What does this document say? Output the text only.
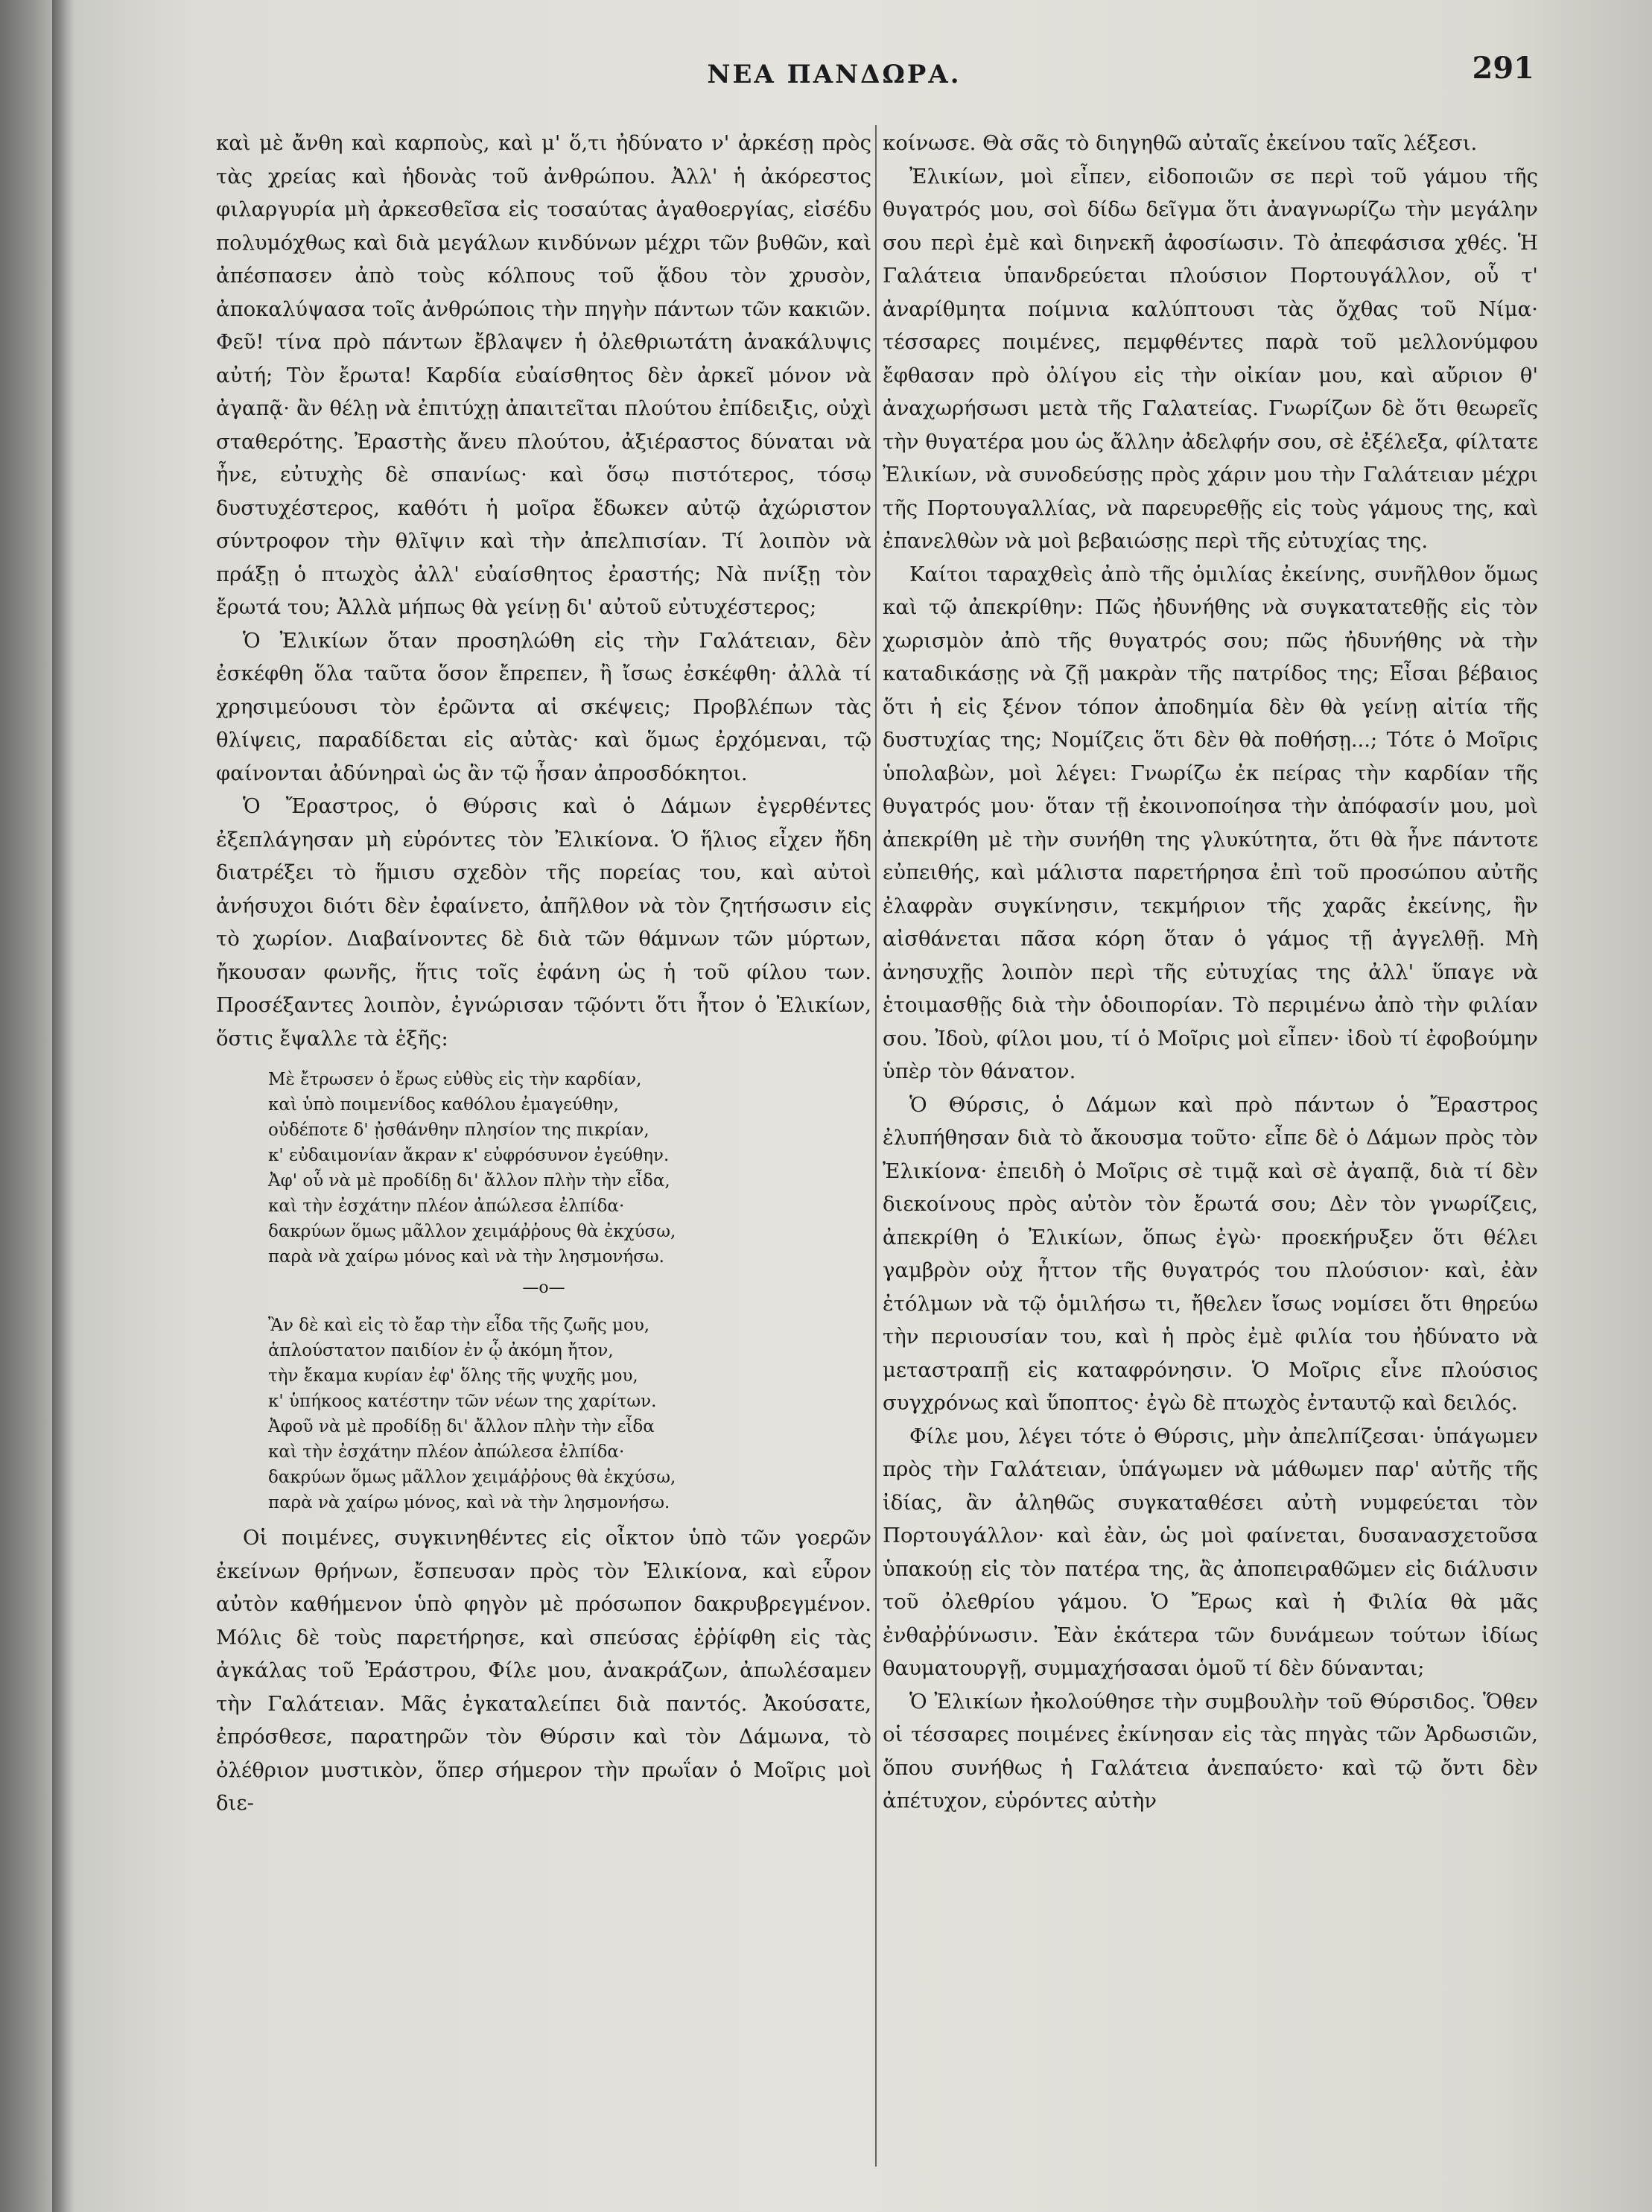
ΝΕΑ ΠΑΝΔΩΡΑ.	291

καὶ μὲ ἄνθη καὶ καρποὺς, καὶ μ' ὅ,τι ἠδύνατο ν' ἀρκέσῃ πρὸς τὰς χρείας καὶ ἡδονὰς τοῦ ἀνθρώπου. Ἀλλ' ἡ ἀκόρεστος φιλαργυρία μὴ ἀρκεσθεῖσα εἰς τοσαύτας ἀγαθοεργίας, εἰσέδυ πολυμόχθως καὶ διὰ μεγάλων κινδύνων μέχρι τῶν βυθῶν, καὶ ἀπέσπασεν ἀπὸ τοὺς κόλπους τοῦ ᾅδου τὸν χρυσὸν, ἀποκαλύψασα τοῖς ἀνθρώποις τὴν πηγὴν πάντων τῶν κακιῶν. Φεῦ! τίνα πρὸ πάντων ἔβλαψεν ἡ ὀλεθριωτάτη ἀνακάλυψις αὐτή; Τὸν ἔρωτα! Καρδία εὐαίσθητος δὲν ἀρκεῖ μόνον νὰ ἀγαπᾷ· ἂν θέλῃ νὰ ἐπιτύχῃ ἀπαιτεῖται πλούτου ἐπίδειξις, οὐχὶ σταθερότης. Ἐραστὴς ἄνευ πλούτου, ἀξιέραστος δύναται νὰ ἦνε, εὐτυχὴς δὲ σπανίως· καὶ ὅσῳ πιστότερος, τόσῳ δυστυχέστερος, καθότι ἡ μοῖρα ἔδωκεν αὐτῷ ἀχώριστον σύντροφον τὴν θλῖψιν καὶ τὴν ἀπελπισίαν. Τί λοιπὸν νὰ πράξῃ ὁ πτωχὸς ἀλλ' εὐαίσθητος ἐραστής; Νὰ πνίξῃ τὸν ἔρωτά του; Ἀλλὰ μήπως θὰ γείνῃ δι' αὐτοῦ εὐτυχέστερος;

Ὁ Ἐλικίων ὅταν προσηλώθη εἰς τὴν Γαλάτειαν, δὲν ἐσκέφθη ὅλα ταῦτα ὅσον ἔπρεπεν, ἢ ἴσως ἐσκέφθη· ἀλλὰ τί χρησιμεύουσι τὸν ἐρῶντα αἱ σκέψεις; Προβλέπων τὰς θλίψεις, παραδίδεται εἰς αὐτὰς· καὶ ὅμως ἐρχόμεναι, τῷ φαίνονται ἀδύνηραὶ ὡς ἂν τῷ ἦσαν ἀπροσδόκητοι.

Ὁ Ἔραστρος, ὁ Θύρσις καὶ ὁ Δάμων ἐγερθέντες ἐξεπλάγησαν μὴ εὑρόντες τὸν Ἐλικίονα. Ὁ ἥλιος εἶχεν ἤδη διατρέξει τὸ ἥμισυ σχεδὸν τῆς πορείας του, καὶ αὐτοὶ ἀνήσυχοι διότι δὲν ἐφαίνετο, ἀπῆλθον νὰ τὸν ζητήσωσιν εἰς τὸ χωρίον. Διαβαίνοντες δὲ διὰ τῶν θάμνων τῶν μύρτων, ἤκουσαν φωνῆς, ἥτις τοῖς ἐφάνη ὡς ἡ τοῦ φίλου των. Προσέξαντες λοιπὸν, ἐγνώρισαν τῷόντι ὅτι ἦτον ὁ Ἐλικίων, ὅστις ἔψαλλε τὰ ἑξῆς:

Μὲ ἔτρωσεν ὁ ἔρως εὐθὺς εἰς τὴν καρδίαν,
καὶ ὑπὸ ποιμενίδος καθόλου ἐμαγεύθην,
οὐδέποτε δ' ᾐσθάνθην πλησίον της πικρίαν,
κ' εὐδαιμονίαν ἄκραν κ' εὐφρόσυνον ἐγεύθην.
Ἀφ' οὗ νὰ μὲ προδίδῃ δι' ἄλλον πλὴν τὴν εἶδα,
καὶ τὴν ἐσχάτην πλέον ἀπώλεσα ἐλπίδα·
δακρύων ὅμως μᾶλλον χειμάῤῥους θὰ ἐκχύσω,
παρὰ νὰ χαίρω μόνος καὶ νὰ τὴν λησμονήσω.
—o—
Ἂν δὲ καὶ εἰς τὸ ἔαρ τὴν εἶδα τῆς ζωῆς μου,
ἁπλούστατον παιδίον ἐν ᾧ ἀκόμη ἤτον,
τὴν ἔκαμα κυρίαν ἐφ' ὅλης τῆς ψυχῆς μου,
κ' ὑπήκοος κατέστην τῶν νέων της χαρίτων.
Ἀφοῦ νὰ μὲ προδίδῃ δι' ἄλλον πλὴν τὴν εἶδα
καὶ τὴν ἐσχάτην πλέον ἀπώλεσα ἐλπίδα·
δακρύων ὅμως μᾶλλον χειμάῤῥους θὰ ἐκχύσω,
παρὰ νὰ χαίρω μόνος, καὶ νὰ τὴν λησμονήσω.

Οἱ ποιμένες, συγκινηθέντες εἰς οἶκτον ὑπὸ τῶν γοερῶν ἐκείνων θρήνων, ἔσπευσαν πρὸς τὸν Ἐλικίονα, καὶ εὗρον αὐτὸν καθήμενον ὑπὸ φηγὸν μὲ πρόσωπον δακρυβρεγμένον. Μόλις δὲ τοὺς παρετήρησε, καὶ σπεύσας ἐῤῥίφθη εἰς τὰς ἀγκάλας τοῦ Ἐράστρου, Φίλε μου, ἀνακράζων, ἀπωλέσαμεν τὴν Γαλάτειαν. Μᾶς ἐγκαταλείπει διὰ παντός. Ἀκούσατε, ἐπρόσθεσε, παρατηρῶν τὸν Θύρσιν καὶ τὸν Δάμωνα, τὸ ὀλέθριον μυστικὸν, ὅπερ σήμερον τὴν πρωΐαν ὁ Μοῖρις μοὶ διε-

κοίνωσε. Θὰ σᾶς τὸ διηγηθῶ αὐταῖς ἐκείνου ταῖς λέξεσι.

Ἐλικίων, μοὶ εἶπεν, εἰδοποιῶν σε περὶ τοῦ γάμου τῆς θυγατρός μου, σοὶ δίδω δεῖγμα ὅτι ἀναγνωρίζω τὴν μεγάλην σου περὶ ἐμὲ καὶ διηνεκῆ ἀφοσίωσιν. Τὸ ἀπεφάσισα χθές. Ἡ Γαλάτεια ὑπανδρεύεται πλούσιον Πορτουγάλλον, οὗ τ' ἀναρίθμητα ποίμνια καλύπτουσι τὰς ὄχθας τοῦ Νίμα· τέσσαρες ποιμένες, πεμφθέντες παρὰ τοῦ μελλονύμφου ἔφθασαν πρὸ ὀλίγου εἰς τὴν οἰκίαν μου, καὶ αὔριον θ' ἀναχωρήσωσι μετὰ τῆς Γαλατείας. Γνωρίζων δὲ ὅτι θεωρεῖς τὴν θυγατέρα μου ὡς ἄλλην ἀδελφήν σου, σὲ ἐξέλεξα, φίλτατε Ἐλικίων, νὰ συνοδεύσῃς πρὸς χάριν μου τὴν Γαλάτειαν μέχρι τῆς Πορτουγαλλίας, νὰ παρευρεθῇς εἰς τοὺς γάμους της, καὶ ἐπανελθὼν νὰ μοὶ βεβαιώσῃς περὶ τῆς εὐτυχίας της.

Καίτοι ταραχθεὶς ἀπὸ τῆς ὁμιλίας ἐκείνης, συνῆλθον ὅμως καὶ τῷ ἀπεκρίθην: Πῶς ἠδυνήθης νὰ συγκατατεθῇς εἰς τὸν χωρισμὸν ἀπὸ τῆς θυγατρός σου; πῶς ἠδυνήθης νὰ τὴν καταδικάσῃς νὰ ζῇ μακρὰν τῆς πατρίδος της; Εἶσαι βέβαιος ὅτι ἡ εἰς ξένον τόπον ἀποδημία δὲν θὰ γείνῃ αἰτία τῆς δυστυχίας της; Νομίζεις ὅτι δὲν θὰ ποθήσῃ...; Τότε ὁ Μοῖρις ὑπολαβὼν, μοὶ λέγει: Γνωρίζω ἐκ πείρας τὴν καρδίαν τῆς θυγατρός μου· ὅταν τῇ ἐκοινοποίησα τὴν ἀπόφασίν μου, μοὶ ἀπεκρίθη μὲ τὴν συνήθη της γλυκύτητα, ὅτι θὰ ἦνε πάντοτε εὐπειθής, καὶ μάλιστα παρετήρησα ἐπὶ τοῦ προσώπου αὐτῆς ἐλαφρὰν συγκίνησιν, τεκμήριον τῆς χαρᾶς ἐκείνης, ἣν αἰσθάνεται πᾶσα κόρη ὅταν ὁ γάμος τῇ ἀγγελθῇ. Μὴ ἀνησυχῇς λοιπὸν περὶ τῆς εὐτυχίας της ἀλλ' ὕπαγε νὰ ἑτοιμασθῇς διὰ τὴν ὁδοιπορίαν. Τὸ περιμένω ἀπὸ τὴν φιλίαν σου. Ἰδοὺ, φίλοι μου, τί ὁ Μοῖρις μοὶ εἶπεν· ἰδοὺ τί ἐφοβούμην ὑπὲρ τὸν θάνατον.

Ὁ Θύρσις, ὁ Δάμων καὶ πρὸ πάντων ὁ Ἔραστρος ἐλυπήθησαν διὰ τὸ ἄκουσμα τοῦτο· εἶπε δὲ ὁ Δάμων πρὸς τὸν Ἐλικίονα· ἐπειδὴ ὁ Μοῖρις σὲ τιμᾷ καὶ σὲ ἀγαπᾷ, διὰ τί δὲν διεκοίνους πρὸς αὐτὸν τὸν ἔρωτά σου; Δὲν τὸν γνωρίζεις, ἀπεκρίθη ὁ Ἐλικίων, ὅπως ἐγὼ· προεκήρυξεν ὅτι θέλει γαμβρὸν οὐχ ἧττον τῆς θυγατρός του πλούσιον· καὶ, ἐὰν ἐτόλμων νὰ τῷ ὁμιλήσω τι, ἤθελεν ἴσως νομίσει ὅτι θηρεύω τὴν περιουσίαν του, καὶ ἡ πρὸς ἐμὲ φιλία του ἠδύνατο νὰ μεταστραπῇ εἰς καταφρόνησιν. Ὁ Μοῖρις εἶνε πλούσιος συγχρόνως καὶ ὕποπτος· ἐγὼ δὲ πτωχὸς ἐνταυτῷ καὶ δειλός.

Φίλε μου, λέγει τότε ὁ Θύρσις, μὴν ἀπελπίζεσαι· ὑπάγωμεν πρὸς τὴν Γαλάτειαν, ὑπάγωμεν νὰ μάθωμεν παρ' αὐτῆς τῆς ἰδίας, ἂν ἀληθῶς συγκαταθέσει αὐτὴ νυμφεύεται τὸν Πορτουγάλλον· καὶ ἐὰν, ὡς μοὶ φαίνεται, δυσανασχετοῦσα ὑπακούῃ εἰς τὸν πατέρα της, ἂς ἀποπειραθῶμεν εἰς διάλυσιν τοῦ ὀλεθρίου γάμου. Ὁ Ἔρως καὶ ἡ Φιλία θὰ μᾶς ἐνθαῤῥύνωσιν. Ἐὰν ἑκάτερα τῶν δυνάμεων τούτων ἰδίως θαυματουργῇ, συμμαχήσασαι ὁμοῦ τί δὲν δύνανται;

Ὁ Ἐλικίων ἠκολούθησε τὴν συμβουλὴν τοῦ Θύρσιδος. Ὅθεν οἱ τέσσαρες ποιμένες ἐκίνησαν εἰς τὰς πηγὰς τῶν Ἀρδωσιῶν, ὅπου συνήθως ἡ Γαλάτεια ἀνεπαύετο· καὶ τῷ ὄντι δὲν ἀπέτυχον, εὑρόντες αὐτὴν
